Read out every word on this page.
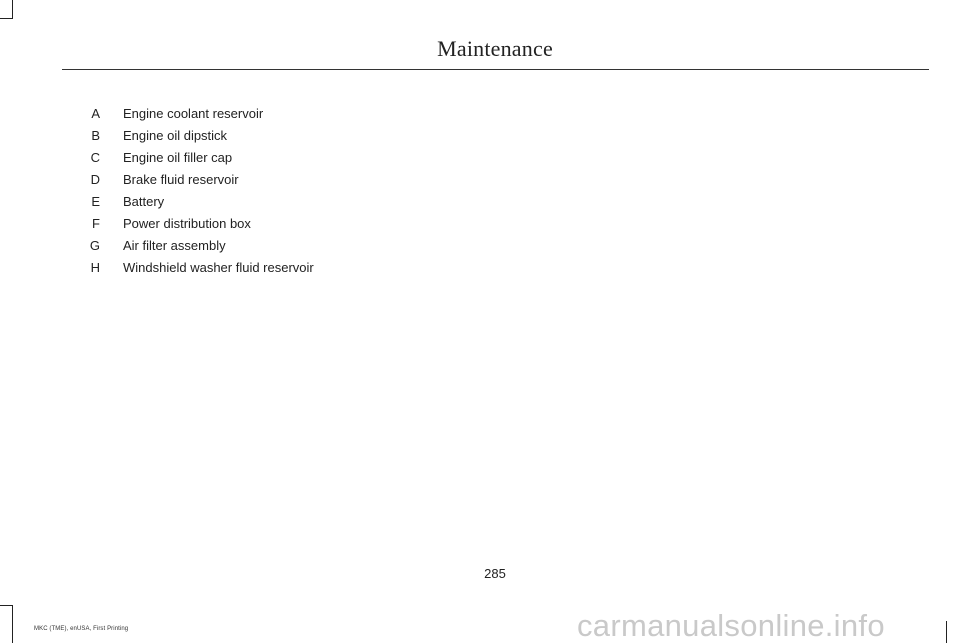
Maintenance
A Engine coolant reservoir
B Engine oil dipstick
C Engine oil filler cap
D Brake fluid reservoir
E Battery
F Power distribution box
G Air filter assembly
H Windshield washer fluid reservoir
285
MKC (TME), enUSA, First Printing	carmanualsonline.info
